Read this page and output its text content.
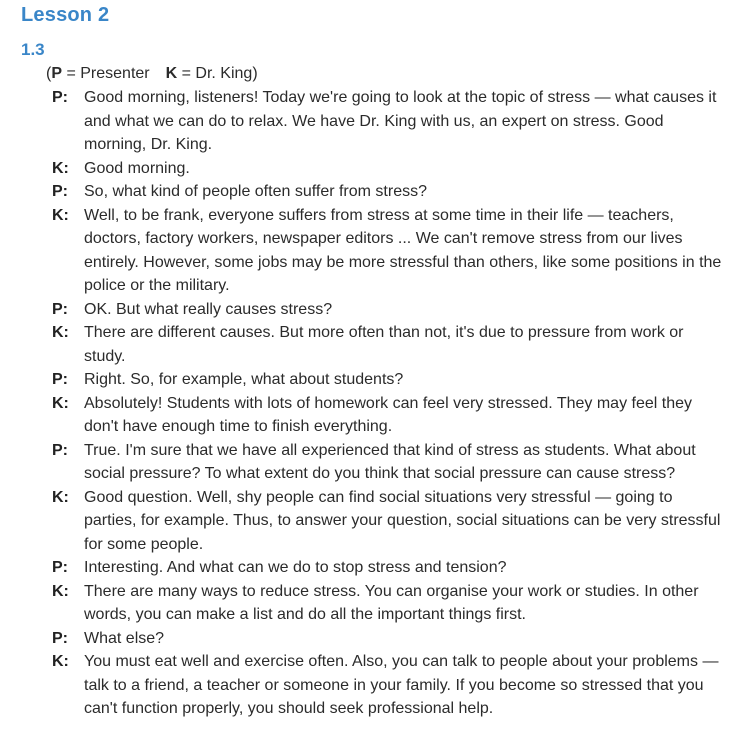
Lesson 2
1.3
(P = Presenter K = Dr. King)
P:	Good morning, listeners! Today we're going to look at the topic of stress — what causes it and what we can do to relax. We have Dr. King with us, an expert on stress. Good morning, Dr. King.
K: Good morning.
P:	So, what kind of people often suffer from stress?
K: Well, to be frank, everyone suffers from stress at some time in their life — teachers, doctors, factory workers, newspaper editors ... We can't remove stress from our lives entirely. However, some jobs may be more stressful than others, like some positions in the police or the military.
P:	OK. But what really causes stress?
K: There are different causes. But more often than not, it's due to pressure from work or study.
P:	Right. So, for example, what about students?
K: Absolutely! Students with lots of homework can feel very stressed. They may feel they don't have enough time to finish everything.
P:	True. I'm sure that we have all experienced that kind of stress as students. What about social pressure? To what extent do you think that social pressure can cause stress?
K: Good question. Well, shy people can find social situations very stressful — going to parties, for example. Thus, to answer your question, social situations can be very stressful for some people.
P:	Interesting. And what can we do to stop stress and tension?
K: There are many ways to reduce stress. You can organise your work or studies. In other words, you can make a list and do all the important things first.
P:	What else?
K: You must eat well and exercise often. Also, you can talk to people about your problems — talk to a friend, a teacher or someone in your family. If you become so stressed that you can't function properly, you should seek professional help.
